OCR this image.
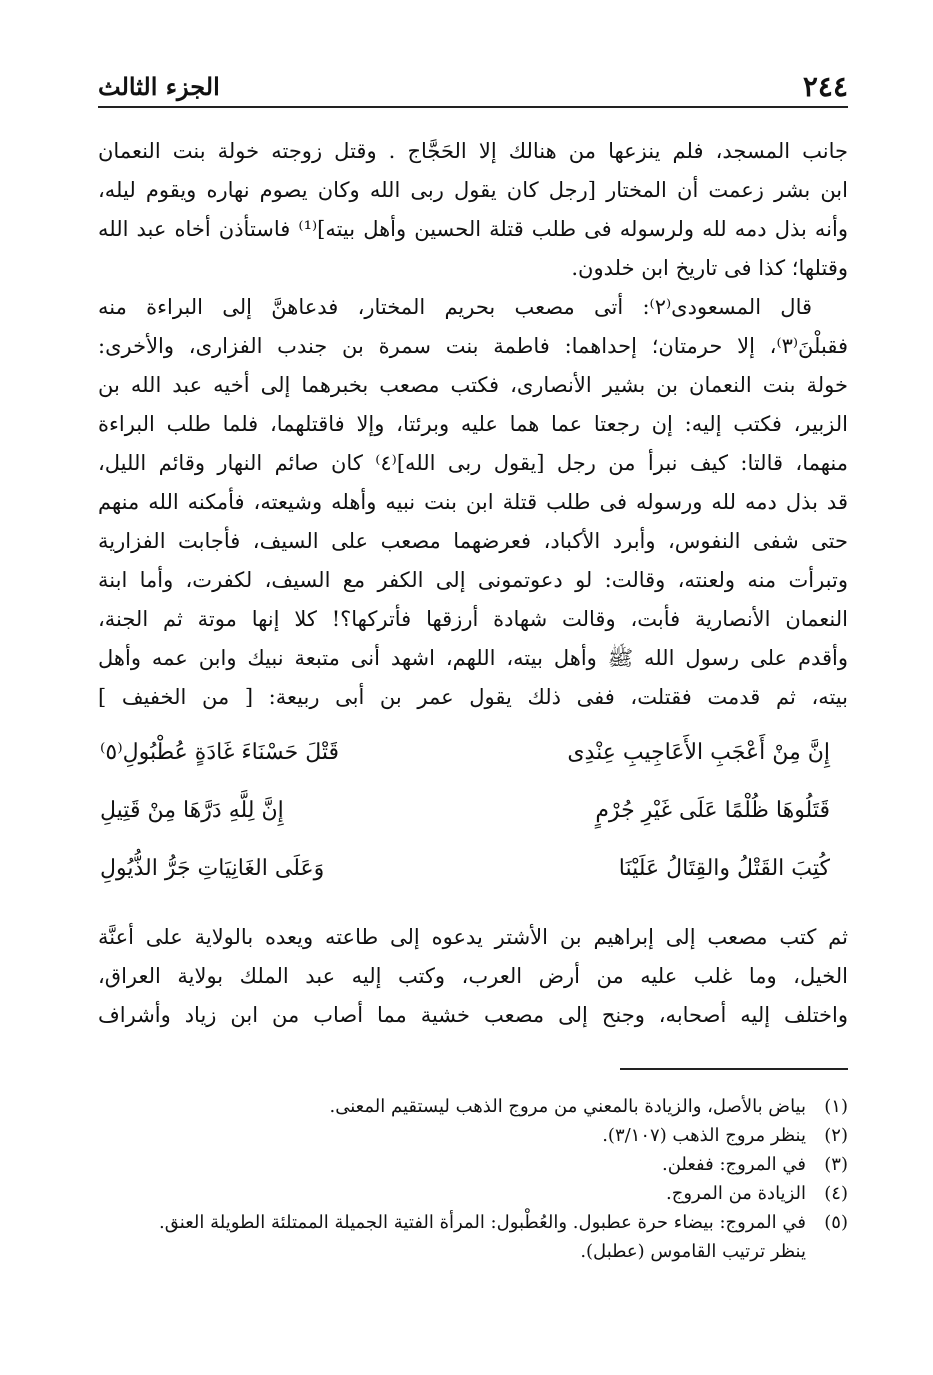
٢٤٤
الجزء الثالث
جانب المسجد، فلم ينزعها من هنالك إلا الحَجَّاج . وقتل زوجته خولة بنت النعمان
ابن بشر زعمت أن المختار [رجل كان يقول ربى الله وكان يصوم نهاره ويقوم ليله،
وأنه بذل دمه لله ولرسوله فى طلب قتلة الحسين وأهل بيته]⁽¹⁾ فاستأذن أخاه عبد الله
وقتلها؛ كذا فى تاريخ ابن خلدون.
قال المسعودى⁽٢⁾: أتى مصعب بحريم المختار، فدعاهنَّ إلى البراءة منه
فقبلْنَ⁽٣⁾، إلا حرمتان؛ إحداهما: فاطمة بنت سمرة بن جندب الفزارى، والأخرى:
خولة بنت النعمان بن بشير الأنصارى، فكتب مصعب بخبرهما إلى أخيه عبد الله بن
الزبير، فكتب إليه: إن رجعتا عما هما عليه وبرئتا، وإلا فاقتلهما، فلما طلب البراءة
منهما، قالتا: كيف نبرأ من رجل [يقول ربى الله]⁽٤⁾ كان صائم النهار وقائم الليل،
قد بذل دمه لله ورسوله فى طلب قتلة ابن بنت نبيه وأهله وشيعته، فأمكنه الله منهم
حتى شفى النفوس، وأبرد الأكباد، فعرضهما مصعب على السيف، فأجابت الفزارية
وتبرأت منه ولعنته، وقالت: لو دعوتمونى إلى الكفر مع السيف، لكفرت، وأما ابنة
النعمان الأنصارية فأبت، وقالت شهادة أرزقها فأتركها؟! كلا إنها موتة ثم الجنة،
وأقدم على رسول الله ﷺ وأهل بيته، اللهم، اشهد أنى متبعة نبيك وابن عمه وأهل
بيته، ثم قدمت فقتلت، ففى ذلك يقول عمر بن أبى ربيعة: [ من الخفيف ]
إِنَّ مِنْ أَعْجَبِ الأَعَاجِيبِ عِنْدِى
قَتْلَ حَسْنَاءَ غَادَةٍ عُطْبُولِ⁽٥⁾
قَتَلُوهَا ظُلْمًا عَلَى غَيْرِ جُرْمٍ
إِنَّ لِلَّهِ دَرَّهَا مِنْ قَتِيلِ
كُتِبَ القَتْلُ والقِتَالُ عَلَيْنَا
وَعَلَى الغَانِيَاتِ جَرُّ الذُّيُولِ
ثم كتب مصعب إلى إبراهيم بن الأشتر يدعوه إلى طاعته ويعده بالولاية على أعنَّة
الخيل، وما غلب عليه من أرض العرب، وكتب إليه عبد الملك بولاية العراق،
واختلف إليه أصحابه، وجنح إلى مصعب خشية مما أصاب من ابن زياد وأشراف
(١)بياض بالأصل، والزيادة بالمعني من مروج الذهب ليستقيم المعنى.
(٢)ينظر مروج الذهب (٣/١٠٧).
(٣)في المروج: ففعلن.
(٤)الزيادة من المروج.
(٥)في المروج: بيضاء حرة عطبول. والعُطْبول: المرأة الفتية الجميلة الممتلئة الطويلة العنق.
ينظر ترتيب القاموس (عطبل).
